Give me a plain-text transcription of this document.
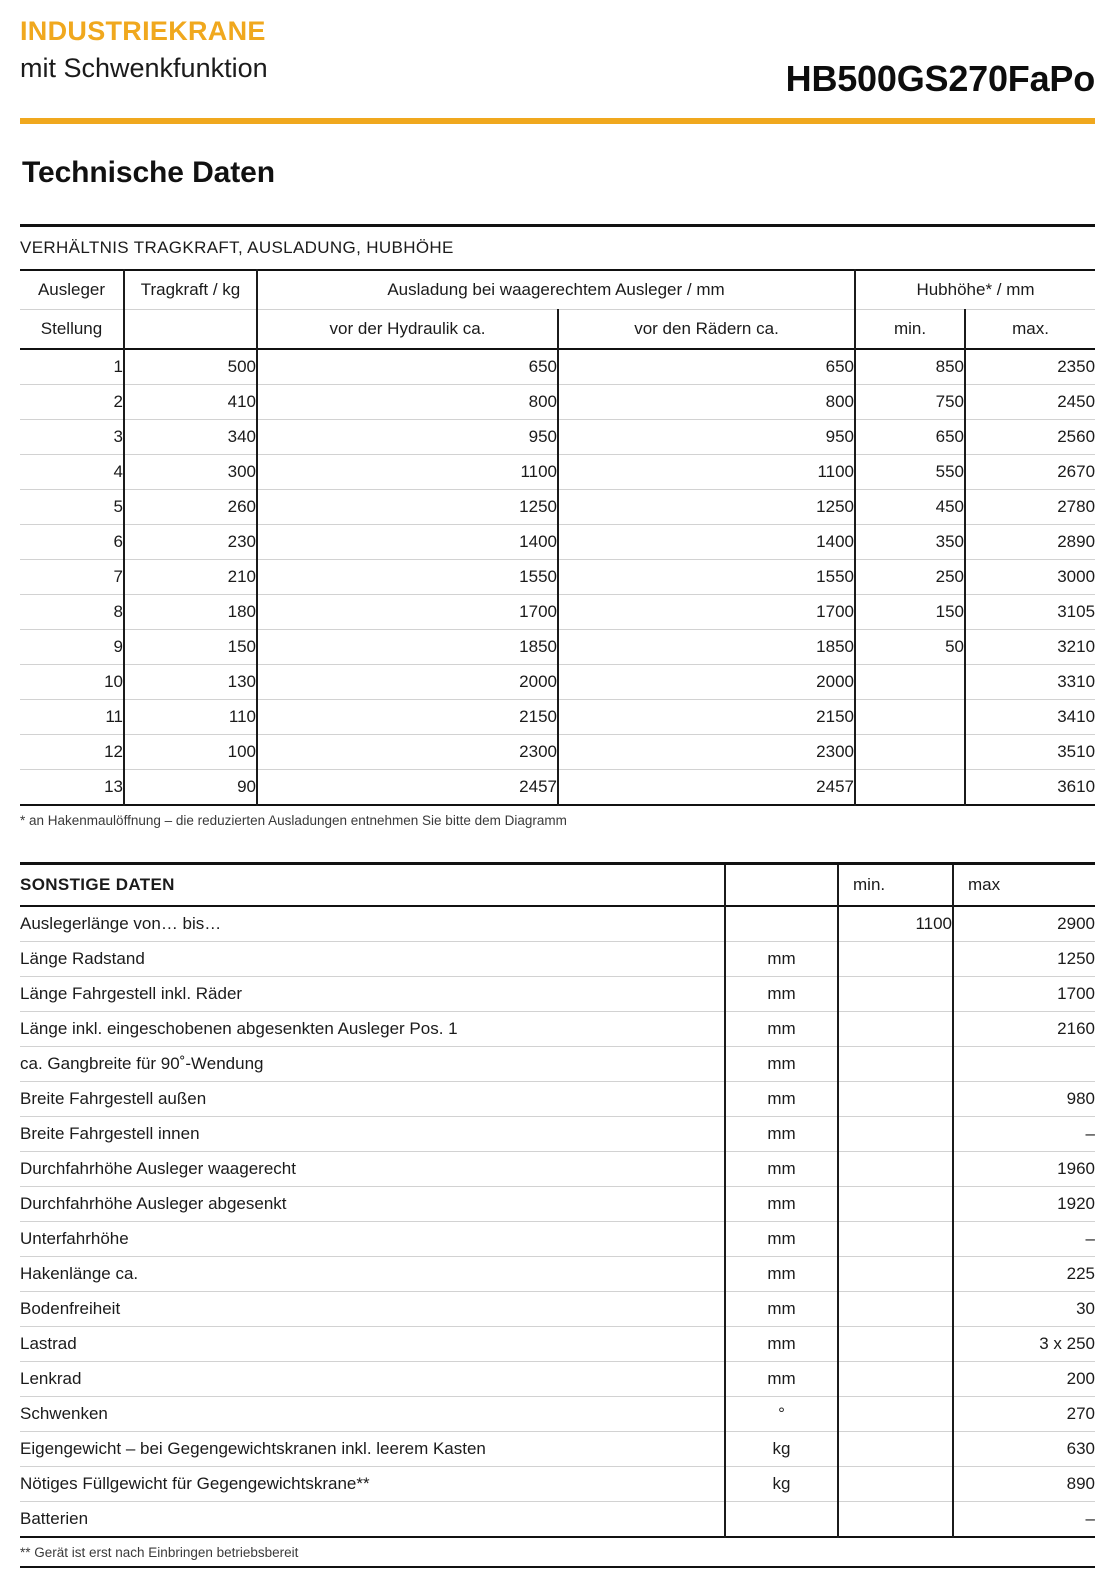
INDUSTRIEKRANE
mit Schwenkfunktion	HB500GS270FaPo
Technische Daten
VERHÄLTNIS TRAGKRAFT, AUSLADUNG, HUBHÖHE					
Ausleger	Tragkraft / kg	Ausladung bei waagerechtem Ausleger / mm		Hubhöhe* / mm	
Stellung		vor der Hydraulik ca.	vor den Rädern ca.	min.	max.
1	500	650	650	850	2350
2	410	800	800	750	2450
3	340	950	950	650	2560
4	300	1100	1100	550	2670
5	260	1250	1250	450	2780
6	230	1400	1400	350	2890
7	210	1550	1550	250	3000
8	180	1700	1700	150	3105
9	150	1850	1850	50	3210
10	130	2000	2000		3310
11	110	2150	2150		3410
12	100	2300	2300		3510
13	90	2457	2457		3610
* an Hakenmaulöffnung – die reduzierten Ausladungen entnehmen Sie bitte dem Diagramm					
SONSTIGE DATEN		min.	max
Auslegerlänge von… bis…		1100	2900
Länge Radstand	mm		1250
Länge Fahrgestell inkl. Räder	mm		1700
Länge inkl. eingeschobenen abgesenkten Ausleger Pos. 1	mm		2160
ca. Gangbreite für 90˚-Wendung	mm		
Breite Fahrgestell außen	mm		980
Breite Fahrgestell innen	mm		–
Durchfahrhöhe Ausleger waagerecht	mm		1960
Durchfahrhöhe Ausleger abgesenkt	mm		1920
Unterfahrhöhe	mm		–
Hakenlänge ca.	mm		225
Bodenfreiheit	mm		30
Lastrad	mm		3 x 250
Lenkrad	mm		200
Schwenken	°		270
Eigengewicht – bei Gegengewichtskranen inkl. leerem Kasten	kg		630
Nötiges Füllgewicht für Gegengewichtskrane**	kg		890
Batterien			–
** Gerät ist erst nach Einbringen betriebsbereit			
